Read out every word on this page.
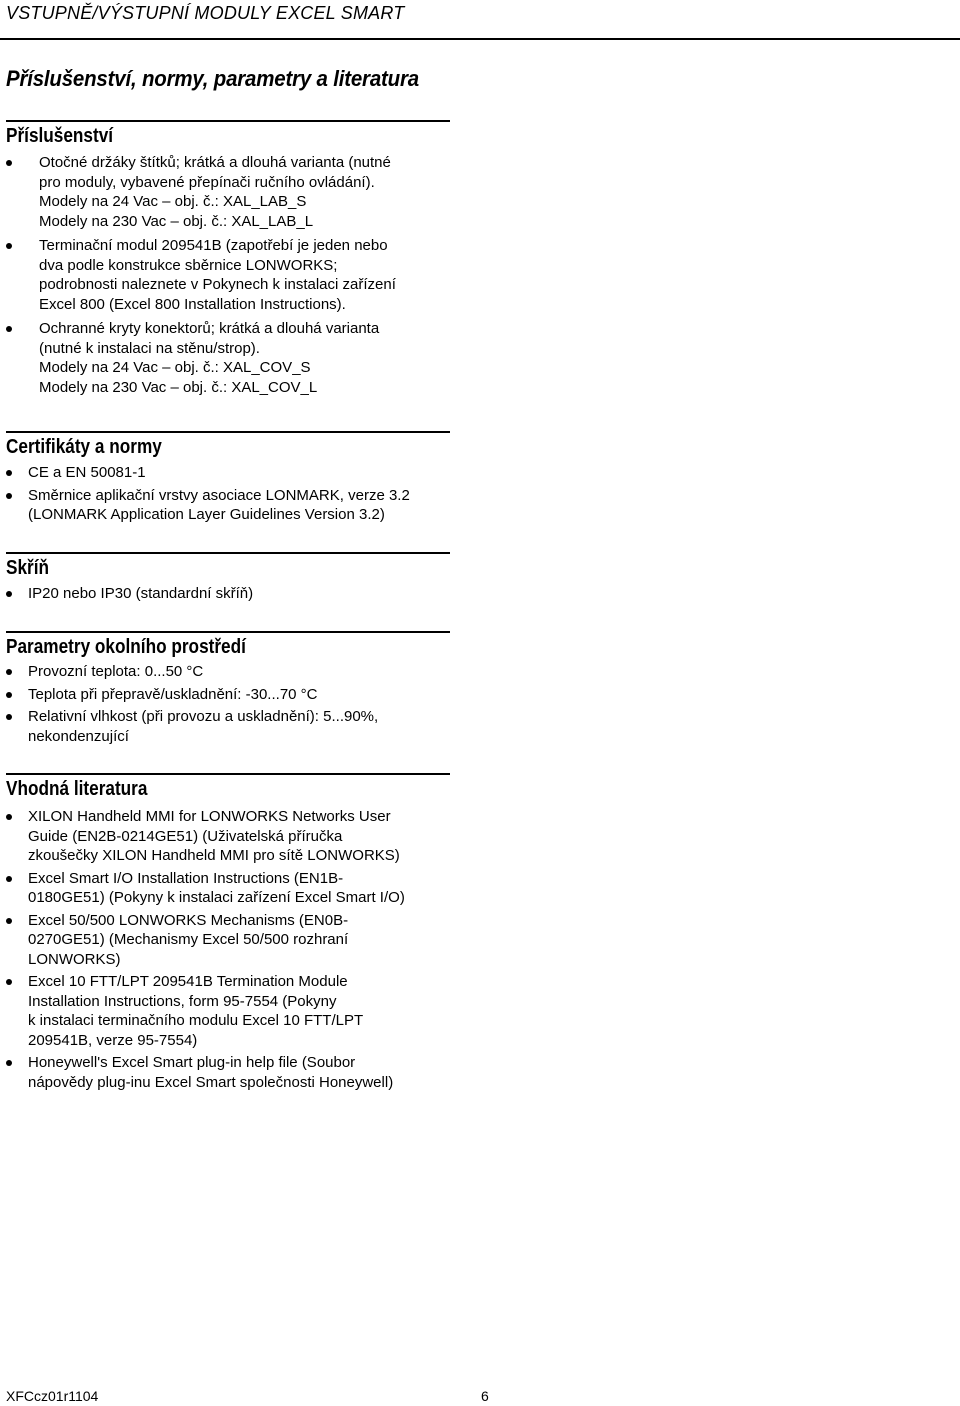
VSTUPNĚ/VÝSTUPNÍ MODULY EXCEL SMART
Příslušenství, normy, parametry a literatura
Příslušenství
Otočné držáky štítků; krátká a dlouhá varianta (nutné
pro moduly, vybavené přepínači ručního ovládání).
Modely na 24 Vac – obj. č.: XAL_LAB_S
Modely na 230 Vac – obj. č.: XAL_LAB_L
Terminační modul 209541B (zapotřebí je jeden nebo
dva podle konstrukce sběrnice LONWORKS;
podrobnosti naleznete v Pokynech k instalaci zařízení
Excel 800 (Excel 800 Installation Instructions).
Ochranné kryty konektorů; krátká a dlouhá varianta
(nutné k instalaci na stěnu/strop).
Modely na 24 Vac – obj. č.: XAL_COV_S
Modely na 230 Vac – obj. č.: XAL_COV_L
Certifikáty a normy
CE a EN 50081-1
Směrnice aplikační vrstvy asociace LONMARK, verze 3.2
(LONMARK Application Layer Guidelines Version 3.2)
Skříň
IP20 nebo IP30 (standardní skříň)
Parametry okolního prostředí
Provozní teplota: 0...50 °C
Teplota při přepravě/uskladnění: -30...70 °C
Relativní vlhkost (při provozu a uskladnění): 5...90%,
nekondenzující
Vhodná literatura
XILON Handheld MMI for LONWORKS Networks User
Guide (EN2B-0214GE51) (Uživatelská příručka
zkoušečky XILON Handheld MMI pro sítě LONWORKS)
Excel Smart I/O Installation Instructions (EN1B-
0180GE51) (Pokyny k instalaci zařízení Excel Smart I/O)
Excel 50/500 LONWORKS Mechanisms (EN0B-
0270GE51) (Mechanismy Excel 50/500 rozhraní
LONWORKS)
Excel 10 FTT/LPT 209541B Termination Module
Installation Instructions, form 95-7554 (Pokyny
k instalaci terminačního modulu Excel 10 FTT/LPT
209541B, verze 95-7554)
Honeywell's Excel Smart plug-in help file (Soubor
nápovědy plug-inu Excel Smart společnosti Honeywell)
XFCcz01r1104	6
